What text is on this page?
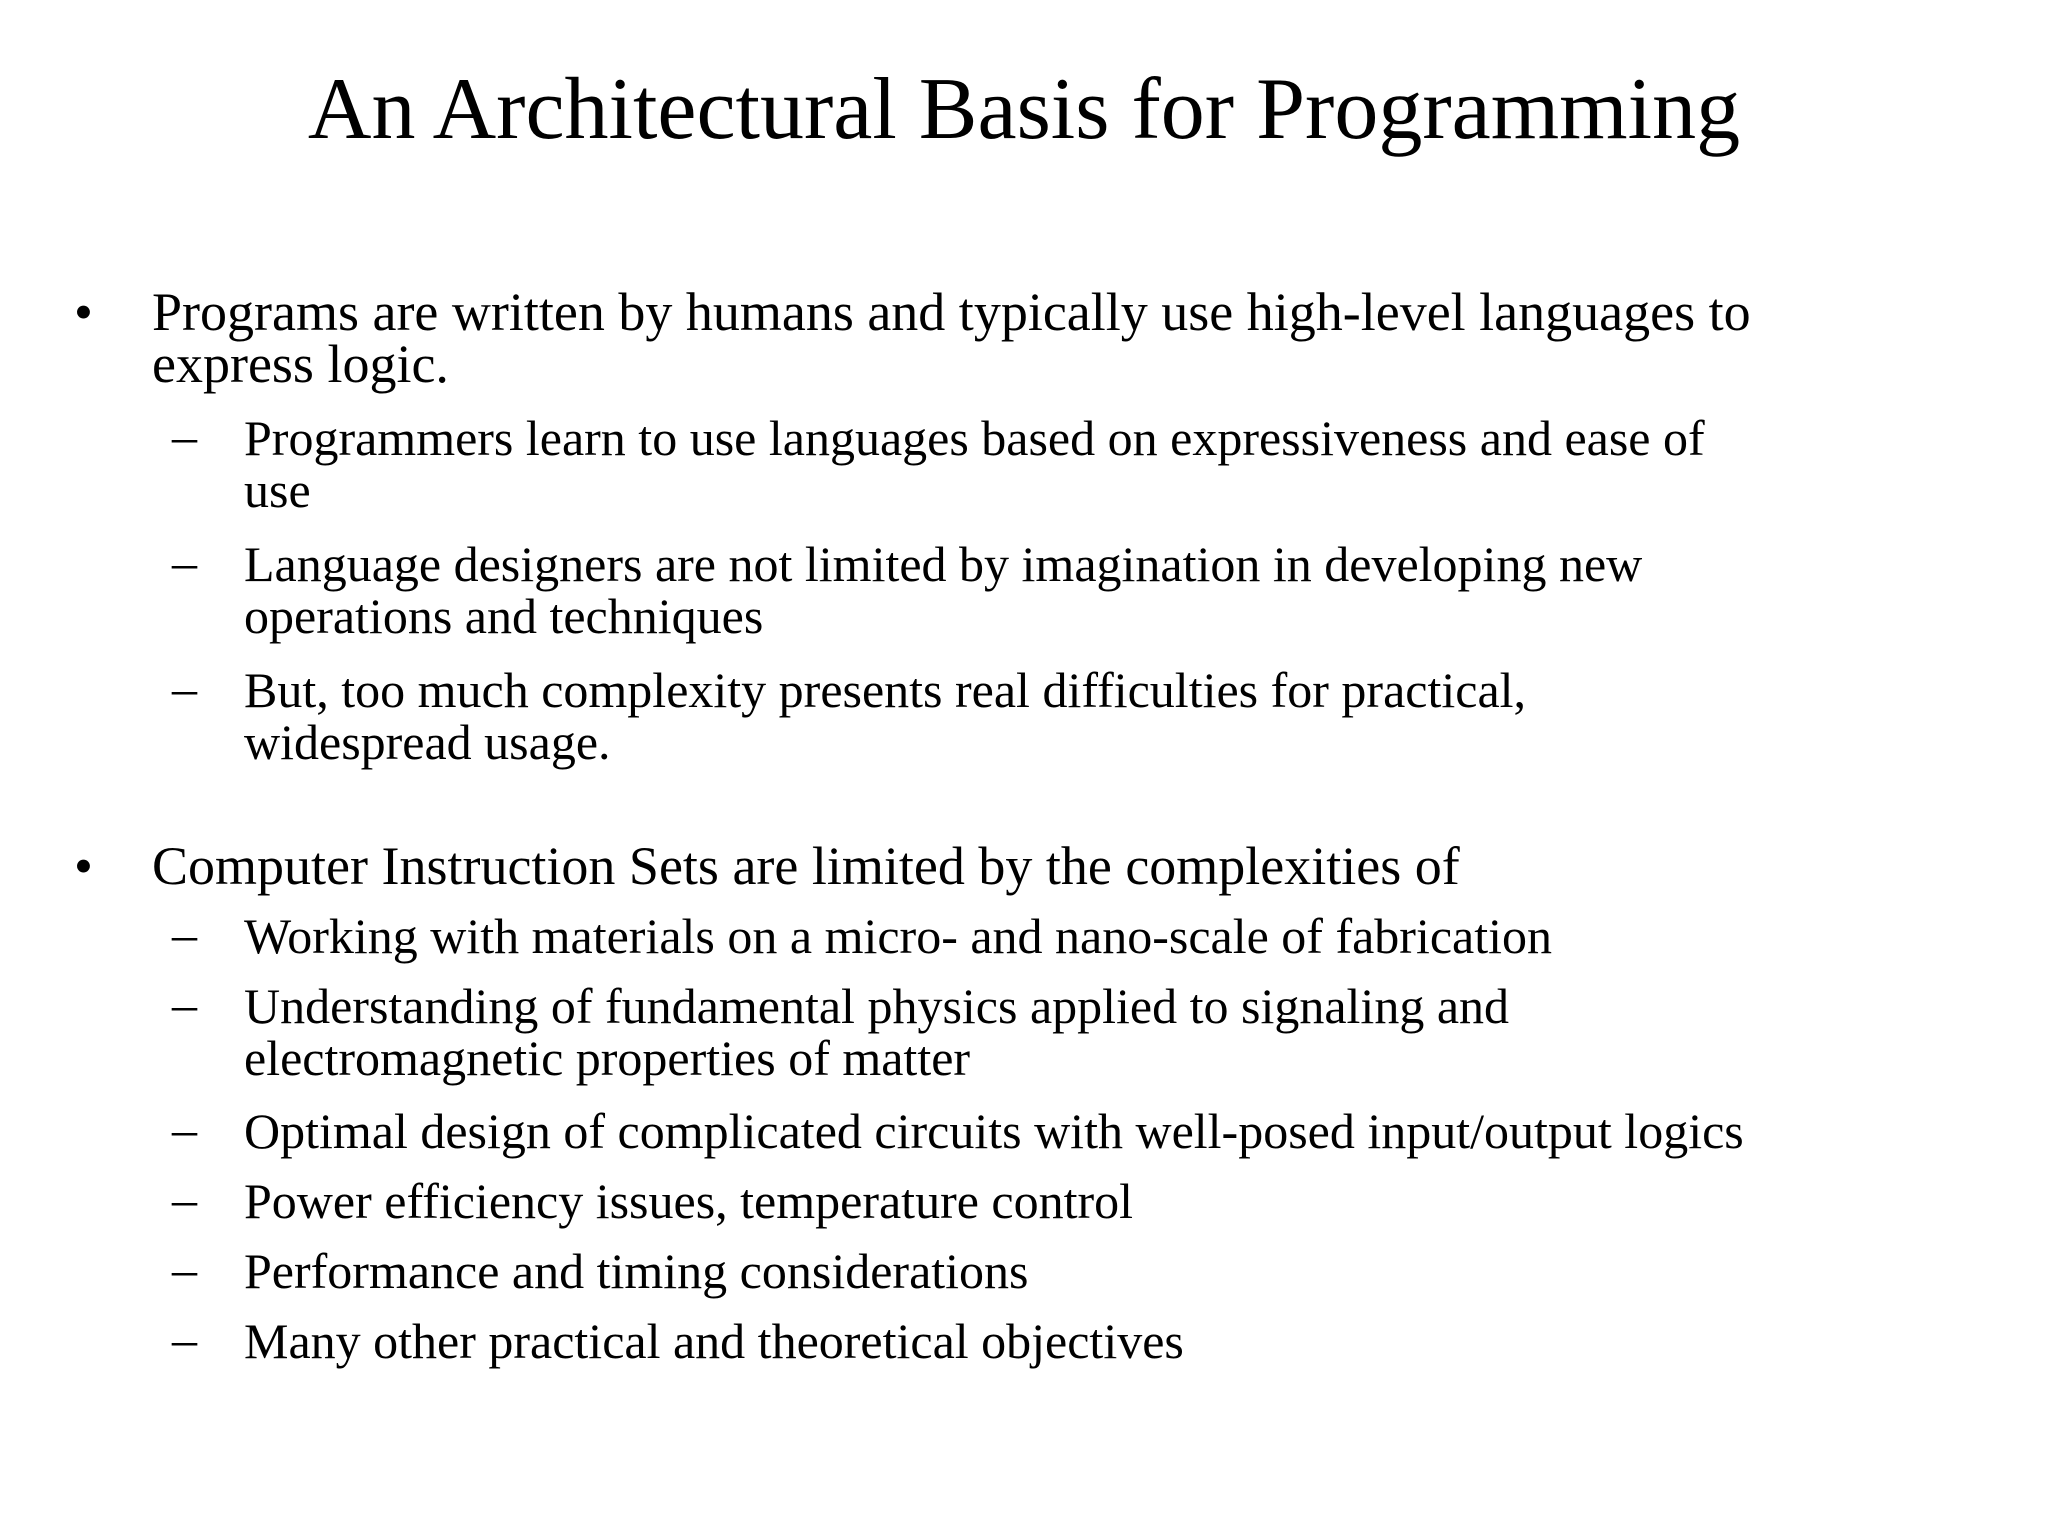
An Architectural Basis for Programming
• Programs are written by humans and typically use high-level languages to
express logic.
– Programmers learn to use languages based on expressiveness and ease of
use
– Language designers are not limited by imagination in developing new
operations and techniques
– But, too much complexity presents real difficulties for practical,
widespread usage.
• Computer Instruction Sets are limited by the complexities of
– Working with materials on a micro- and nano-scale of fabrication
– Understanding of fundamental physics applied to signaling and
electromagnetic properties of matter
– Optimal design of complicated circuits with well-posed input/output logics
– Power efficiency issues, temperature control
– Performance and timing considerations
– Many other practical and theoretical objectives
